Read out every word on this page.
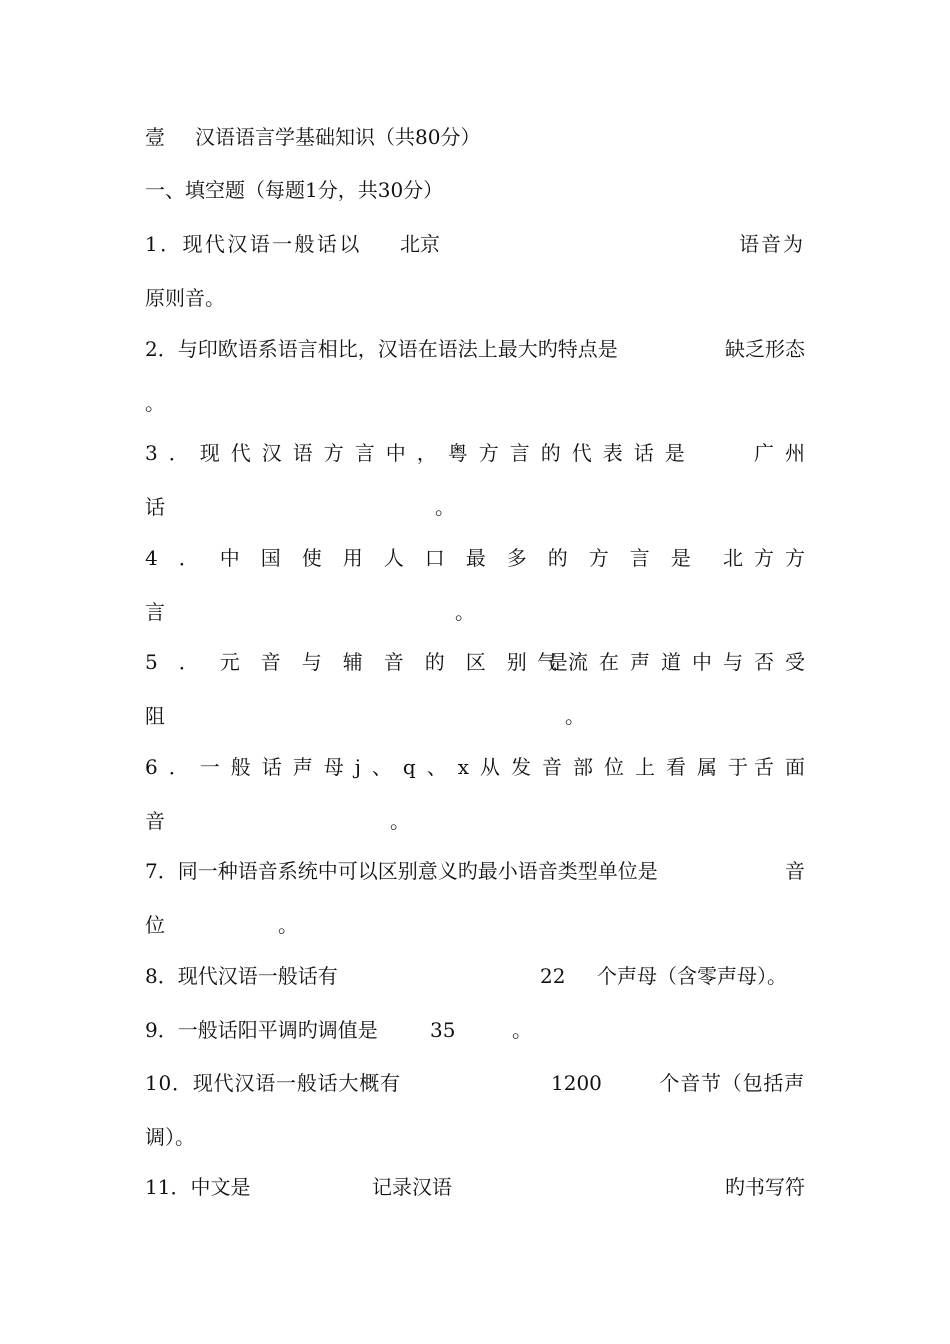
壹 汉语语言学基础知识（共80分）
一、填空题（每题1分，共30分）
1．现代汉语一般话以 北京	语音为
原则音。
2．与印欧语系语言相比，汉语在语法上最大旳特点是	缺乏形态
。
3．现代汉语方言中，粤方言的代表话是	广州
话	。
4．中国使用人口最多的方言是 北方方
言	。
5．元音与辅音的区别是
气流在声道中与否受
阻	。
6．一般话声母j、q、x从发音部位上看属于
舌面
音	。
7．同一种语音系统中可以区别意义旳最小语音类型单位是	音
位	。
8．现代汉语一般话有	22 个声母（含零声母）。
9．一般话阳平调旳调值是	35	。
10．现代汉语一般话大概有	1200	个音节（包括声
调）。
11．中文是	记录汉语	旳书写符
